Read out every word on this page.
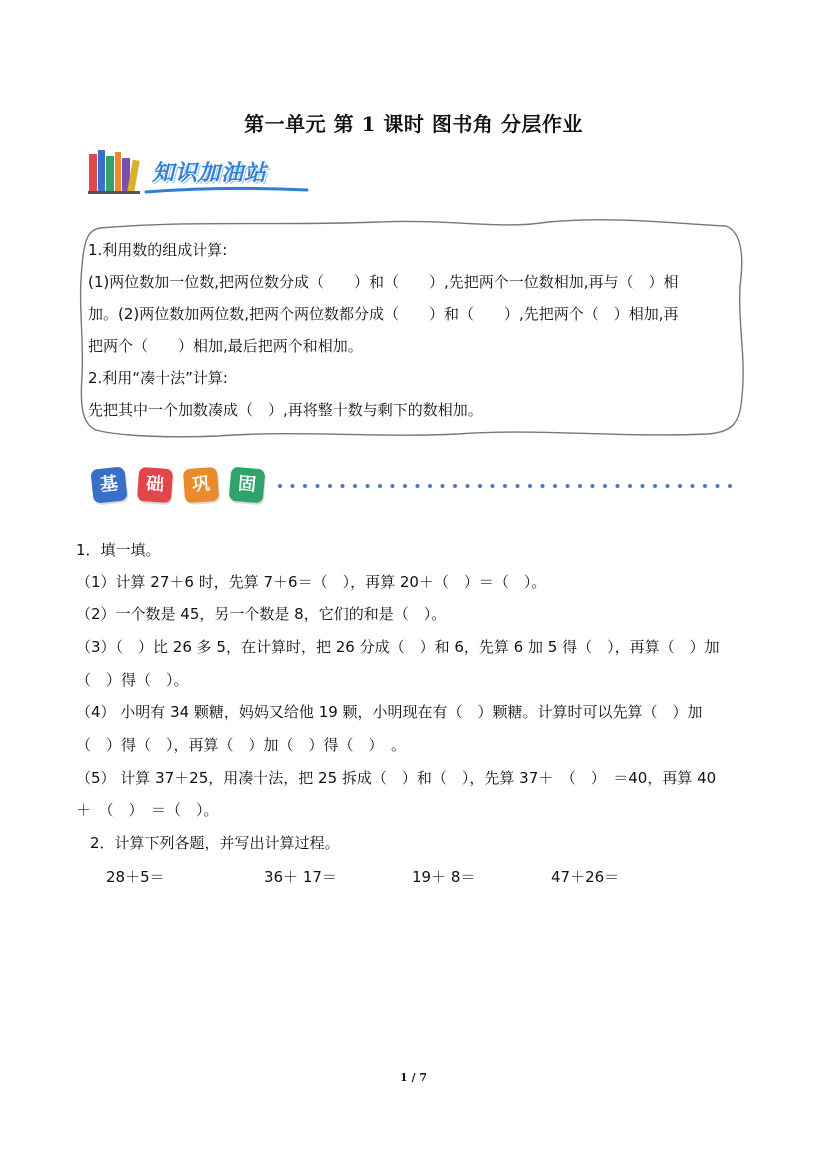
第一单元 第 1 课时 图书角 分层作业
知识加油站

1.利用数的组成计算:

(1)两位数加一位数,把两位数分成（　　）和（　　）,先把两个一位数相加,再与（　）相

加。(2)两位数加两位数,把两个两位数都分成（　　）和（　　）,先把两个（　）相加,再

把两个（　　）相加,最后把两个和相加。

2.利用“凑十法”计算:

先把其中一个加数凑成（　）,再将整十数与剩下的数相加。

基	础	巩	固
1．填一填。
（1）计算 27＋6 时，先算 7＋6＝（　），再算 20＋（　）＝（　）。
（2）一个数是 45，另一个数是 8，它们的和是（　）。
（3）（　）比 26 多 5，在计算时，把 26 分成（　）和 6，先算 6 加 5 得（　），再算（　）加
（　）得（　）。
（4） 小明有 34 颗糖，妈妈又给他 19 颗，小明现在有（　）颗糖。计算时可以先算（　）加
（　）得（　），再算（　）加（　）得（　）　。
（5） 计算 37＋25，用凑十法，把 25 拆成（　）和（　），先算 37＋　（　）　＝40，再算 40
＋　（　）　＝（　）。
2．计算下列各题，并写出计算过程。
28＋5＝	36＋ 17＝	19＋ 8＝	47＋26＝
1 / 7
